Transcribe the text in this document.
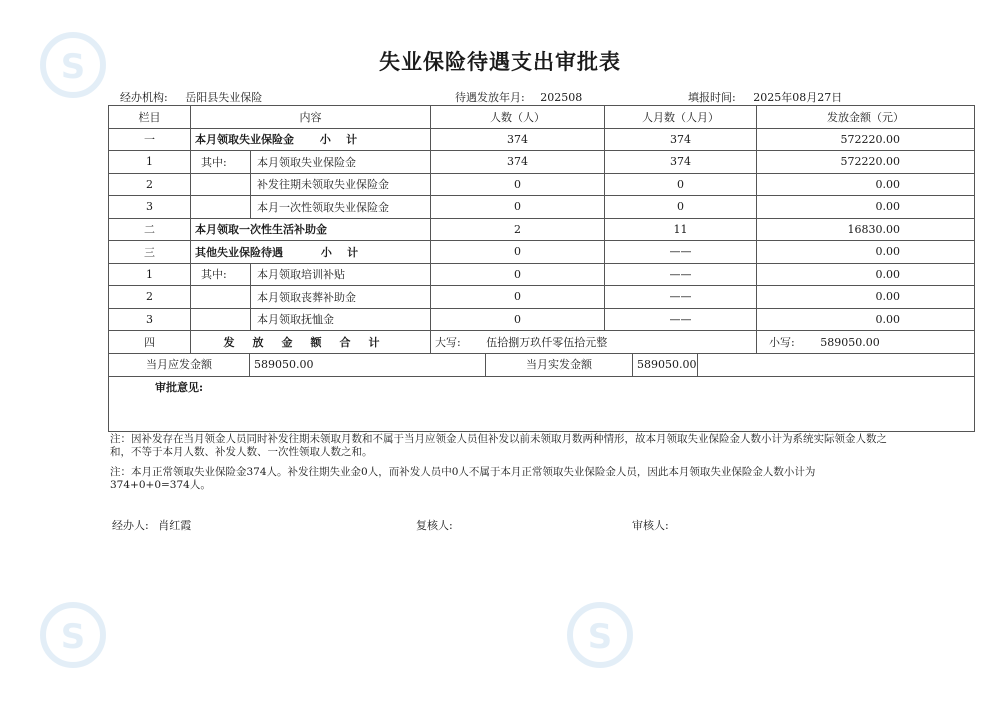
S
S	S
失业保险待遇支出审批表
经办机构: 岳阳县失业保险	待遇发放年月: 202508	填报时间: 2025年08月27日
栏目	内容		人数（人）	人月数（人月）	发放金额（元）
一	本月领取失业保险金 小    计		374	374	572220.00
1	其中:	本月领取失业保险金	374	374	572220.00
2		补发往期未领取失业保险金	0	0	0.00
3		本月一次性领取失业保险金	0	0	0.00
二	本月领取一次性生活补助金		2	11	16830.00
三	其他失业保险待遇 小    计		0	——	0.00
1	其中:	本月领取培训补贴	0	——	0.00
2		本月领取丧葬补助金	0	——	0.00
3		本月领取抚恤金	0	——	0.00
四	发放金额合计		大写: 伍拾捌万玖仟零伍拾元整		小写: 589050.00

当月应发金额 589050.00 当月实发金额 589050.00					

审批意见:					
注：因补发存在当月领金人员同时补发往期未领取月数和不属于当月应领金人员但补发以前未领取月数两种情形，故本月领取失业保险金人数小计为系统实际领金人数之和，不等于本月人数、补发人数、一次性领取人数之和。
注：本月正常领取失业保险金374人。补发往期失业金0人，而补发人员中0人不属于本月正常领取失业保险金人员，因此本月领取失业保险金人数小计为374+0+0=374人。
经办人: 肖红霞	复核人:	审核人:
